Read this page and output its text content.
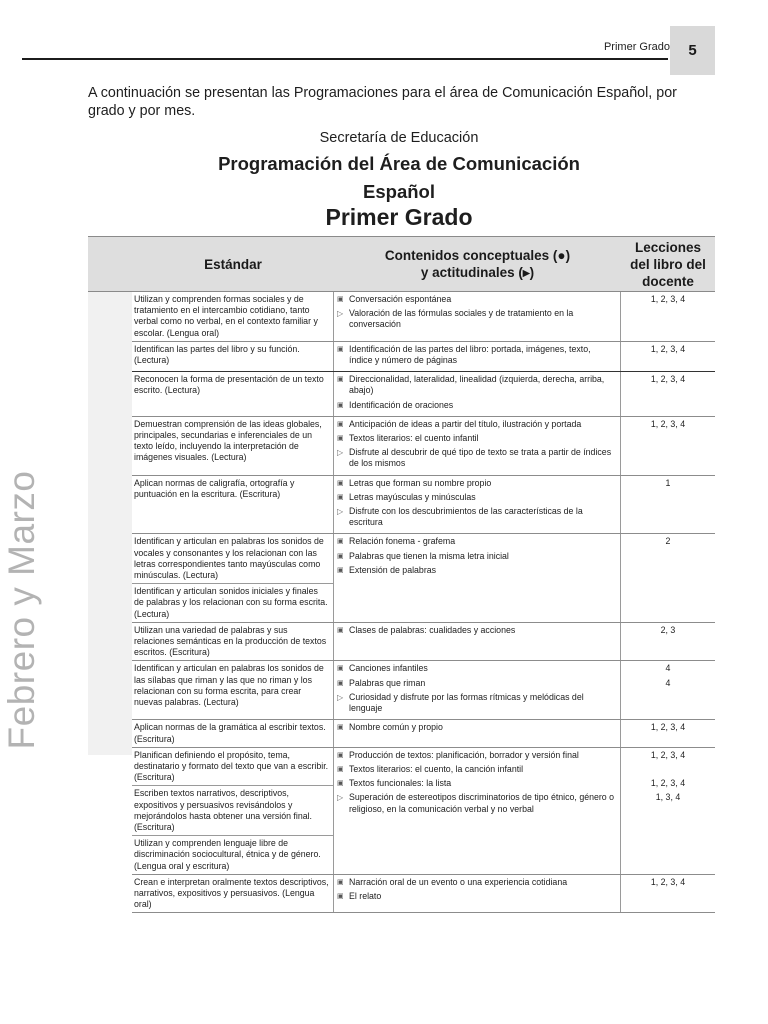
Primer Grado 5

A continuación se presentan las Programaciones para el área de Comunicación Español, por grado y por mes.

Secretaría de Educación
Programación del Área de Comunicación
Español
Primer Grado
Estándar
Contenidos conceptuales (●)
y actitudinales (▸)
Lecciones
del libro del
docente
Utilizan y comprenden formas sociales y de tratamiento en el intercambio cotidiano, tanto verbal como no verbal, en el contexto familiar y escolar. (Lengua oral)
▣ Conversación espontánea
▷ Valoración de las fórmulas sociales y de tratamiento en la conversación
1, 2, 3, 4
Identifican las partes del libro y su función. (Lectura)
▣ Identificación de las partes del libro: portada, imágenes, texto, índice y número de páginas
1, 2, 3, 4
Reconocen la forma de presentación de un texto escrito. (Lectura)
▣ Direccionalidad, lateralidad, linealidad (izquierda, derecha, arriba, abajo)
▣ Identificación de oraciones
1, 2, 3, 4
Demuestran comprensión de las ideas globales, principales, secundarias e inferenciales de un texto leído, incluyendo la interpretación de imágenes visuales. (Lectura)
▣ Anticipación de ideas a partir del título, ilustración y portada
▣ Textos literarios: el cuento infantil
▷ Disfrute al descubrir de qué tipo de texto se trata a partir de índices de los mismos
1, 2, 3, 4
Aplican normas de caligrafía, ortografía y puntuación en la escritura. (Escritura)
▣ Letras que forman su nombre propio
▣ Letras mayúsculas y minúsculas
▷ Disfrute con los descubrimientos de las características de la escritura
1
Identifican y articulan en palabras los sonidos de vocales y consonantes y los relacionan con las letras correspondientes tanto mayúsculas como minúsculas. (Lectura)
Identifican y articulan sonidos iniciales y finales de palabras y los relacionan con su forma escrita. (Lectura)
▣ Relación fonema - grafema
▣ Palabras que tienen la misma letra inicial
▣ Extensión de palabras
2
Utilizan una variedad de palabras y sus relaciones semánticas en la producción de textos escritos. (Escritura)
▣ Clases de palabras: cualidades y acciones	2, 3
Identifican y articulan en palabras los sonidos de las sílabas que riman y las que no riman y los relacionan con su forma escrita, para crear nuevas palabras. (Lectura)
▣ Canciones infantiles
▣ Palabras que riman
▷ Curiosidad y disfrute por las formas rítmicas y melódicas del lenguaje
4
4
Aplican normas de la gramática al escribir textos. (Escritura)
▣ Nombre común y propio	1, 2, 3, 4
Planifican definiendo el propósito, tema, destinatario y formato del texto que van a escribir. (Escritura)
Escriben textos narrativos, descriptivos, expositivos y persuasivos revisándolos y mejorándolos hasta obtener una versión final. (Escritura)
Utilizan y comprenden lenguaje libre de discriminación sociocultural, étnica y de género. (Lengua oral y escritura)
▣ Producción de textos: planificación, borrador y versión final
▣ Textos literarios: el cuento, la canción infantil
▣ Textos funcionales: la lista
▷ Superación de estereotipos discriminatorios de tipo étnico, género o religioso, en la comunicación verbal y no verbal
1, 2, 3, 4
1, 2, 3, 4
1, 3, 4
Crean e interpretan oralmente textos descriptivos, narrativos, expositivos y persuasivos. (Lengua oral)
▣ Narración oral de un evento o una experiencia cotidiana
▣ El relato
1, 2, 3, 4
Febrero y Marzo
